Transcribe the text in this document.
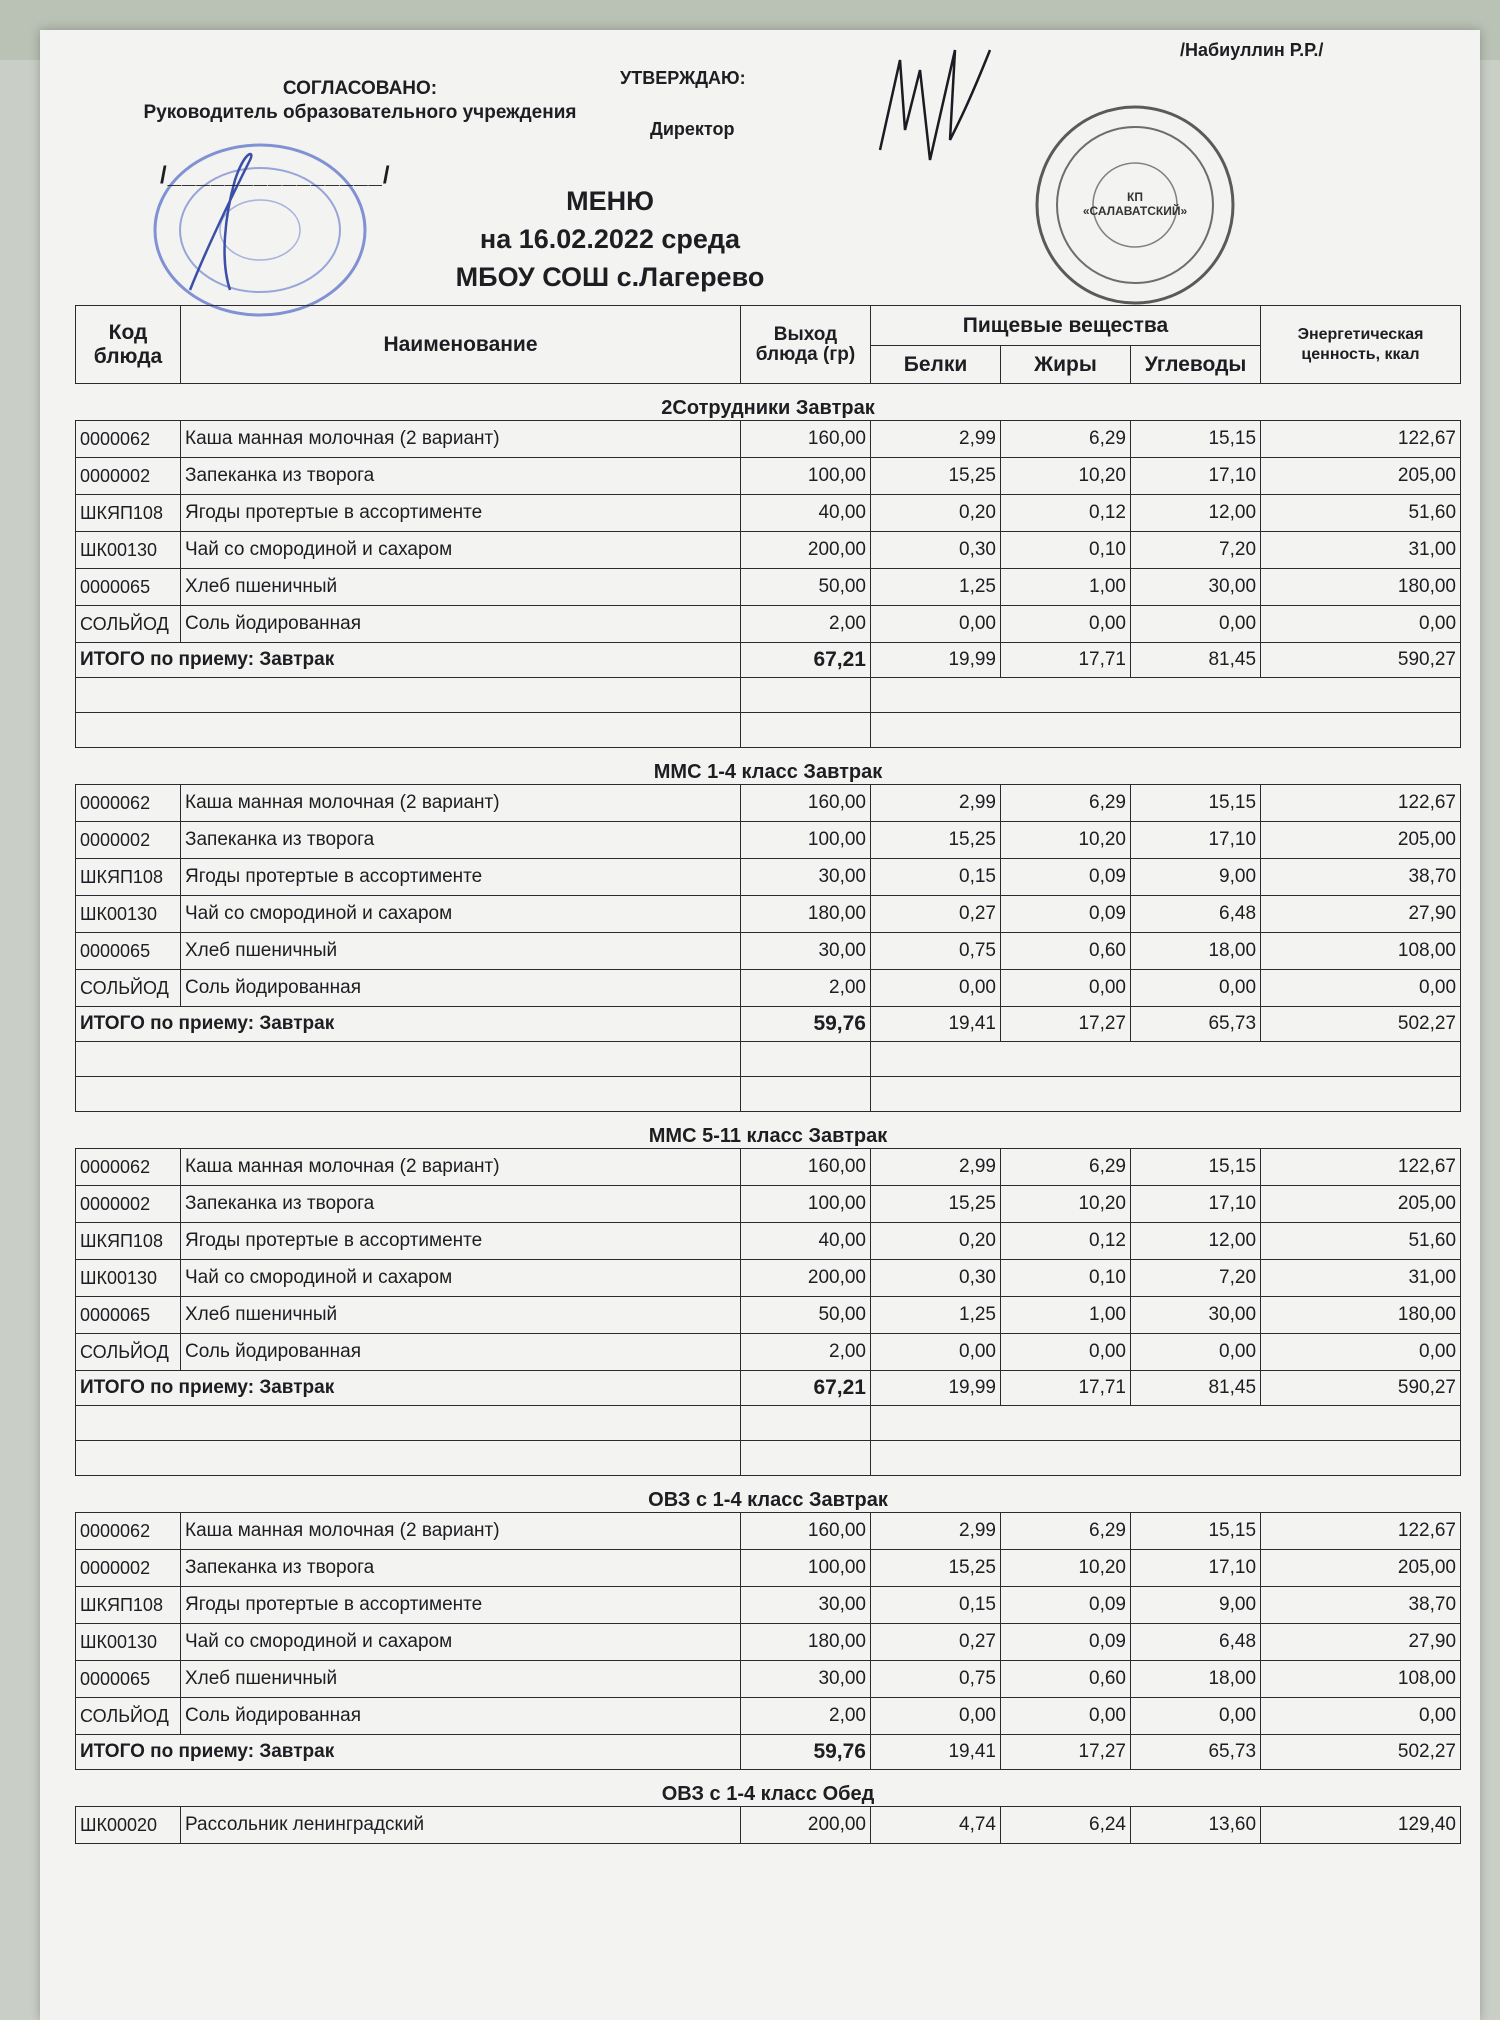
КП «САЛАВАТСКИЙ»
СОГЛАСОВАНО:
Руководитель образовательного учреждения
/_______________/
УТВЕРЖДАЮ:
Директор
/Набиуллин Р.Р./
МЕНЮ
на 16.02.2022 среда
МБОУ СОШ с.Лагерево
Код блюда	Наименование	Выход блюда (гр)	Пищевые вещества			Энергетическая ценность, ккал
			Белки	Жиры	Углеводы	
2Сотрудники Завтрак						
0000062	Каша манная молочная (2 вариант)	160,00	2,99	6,29	15,15	122,67
0000002	Запеканка из творога	100,00	15,25	10,20	17,10	205,00
ШКЯП108	Ягоды протертые в ассортименте	40,00	0,20	0,12	12,00	51,60
ШК00130	Чай со смородиной и сахаром	200,00	0,30	0,10	7,20	31,00
0000065	Хлеб пшеничный	50,00	1,25	1,00	30,00	180,00
СОЛЬЙОД	Соль йодированная	2,00	0,00	0,00	0,00	0,00
ИТОГО по приему: Завтрак		67,21	19,99	17,71	81,45	590,27

ММС 1-4 класс Завтрак						
0000062	Каша манная молочная (2 вариант)	160,00	2,99	6,29	15,15	122,67
0000002	Запеканка из творога	100,00	15,25	10,20	17,10	205,00
ШКЯП108	Ягоды протертые в ассортименте	30,00	0,15	0,09	9,00	38,70
ШК00130	Чай со смородиной и сахаром	180,00	0,27	0,09	6,48	27,90
0000065	Хлеб пшеничный	30,00	0,75	0,60	18,00	108,00
СОЛЬЙОД	Соль йодированная	2,00	0,00	0,00	0,00	0,00
ИТОГО по приему: Завтрак		59,76	19,41	17,27	65,73	502,27

ММС 5-11 класс Завтрак						
0000062	Каша манная молочная (2 вариант)	160,00	2,99	6,29	15,15	122,67
0000002	Запеканка из творога	100,00	15,25	10,20	17,10	205,00
ШКЯП108	Ягоды протертые в ассортименте	40,00	0,20	0,12	12,00	51,60
ШК00130	Чай со смородиной и сахаром	200,00	0,30	0,10	7,20	31,00
0000065	Хлеб пшеничный	50,00	1,25	1,00	30,00	180,00
СОЛЬЙОД	Соль йодированная	2,00	0,00	0,00	0,00	0,00
ИТОГО по приему: Завтрак		67,21	19,99	17,71	81,45	590,27

ОВЗ с 1-4 класс Завтрак						
0000062	Каша манная молочная (2 вариант)	160,00	2,99	6,29	15,15	122,67
0000002	Запеканка из творога	100,00	15,25	10,20	17,10	205,00
ШКЯП108	Ягоды протертые в ассортименте	30,00	0,15	0,09	9,00	38,70
ШК00130	Чай со смородиной и сахаром	180,00	0,27	0,09	6,48	27,90
0000065	Хлеб пшеничный	30,00	0,75	0,60	18,00	108,00
СОЛЬЙОД	Соль йодированная	2,00	0,00	0,00	0,00	0,00
ИТОГО по приему: Завтрак		59,76	19,41	17,27	65,73	502,27
ОВЗ с 1-4 класс Обед						
ШК00020	Рассольник ленинградский	200,00	4,74	6,24	13,60	129,40
